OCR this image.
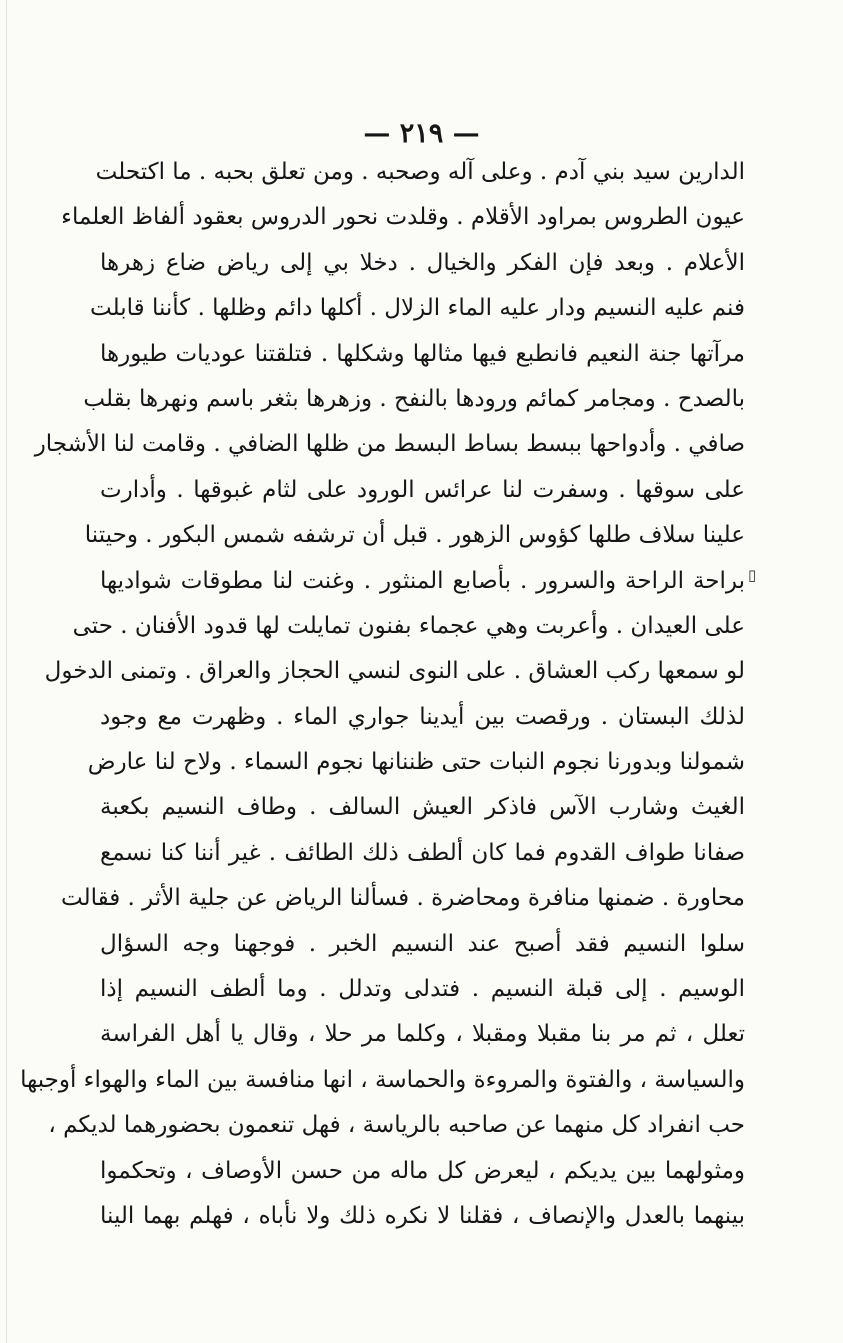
— ٢١٩ —
▯
الدارين سيد بني آدم . وعلى آله وصحبه . ومن تعلق بحبه . ما اكتحلت
عيون الطروس بمراود الأقلام . وقلدت نحور الدروس بعقود ألفاظ العلماء
الأعلام . وبعد فإن الفكر والخيال . دخلا بي إلى رياض ضاع زهرها
فنم عليه النسيم ودار عليه الماء الزلال . أكلها دائم وظلها . كأننا قابلت
مرآتها جنة النعيم فانطبع فيها مثالها وشكلها . فتلقتنا عوديات طيورها
بالصدح . ومجامر كمائم ورودها بالنفح . وزهرها بثغر باسم ونهرها بقلب
صافي . وأدواحها ببسط بساط البسط من ظلها الضافي . وقامت لنا الأشجار
على سوقها . وسفرت لنا عرائس الورود على لثام غبوقها . وأدارت
علينا سلاف طلها كؤوس الزهور . قبل أن ترشفه شمس البكور . وحيتنا
براحة الراحة والسرور . بأصابع المنثور . وغنت لنا مطوقات شواديها
على العيدان . وأعربت وهي عجماء بفنون تمايلت لها قدود الأفنان . حتى
لو سمعها ركب العشاق . على النوى لنسي الحجاز والعراق . وتمنى الدخول
لذلك البستان . ورقصت بين أيدينا جواري الماء . وظهرت مع وجود
شمولنا وبدورنا نجوم النبات حتى ظننانها نجوم السماء . ولاح لنا عارض
الغيث وشارب الآس فاذكر العيش السالف . وطاف النسيم بكعبة
صفانا طواف القدوم فما كان ألطف ذلك الطائف . غير أننا كنا نسمع
محاورة . ضمنها منافرة ومحاضرة . فسألنا الرياض عن جلية الأثر . فقالت
سلوا النسيم فقد أصبح عند النسيم الخبر . فوجهنا وجه السؤال
الوسيم . إلى قبلة النسيم . فتدلى وتدلل . وما ألطف النسيم إذا
تعلل ، ثم مر بنا مقبلا ومقبلا ، وكلما مر حلا ، وقال يا أهل الفراسة
والسياسة ، والفتوة والمروءة والحماسة ، انها منافسة بين الماء والهواء أوجبها
حب انفراد كل منهما عن صاحبه بالرياسة ، فهل تنعمون بحضورهما لديكم ،
ومثولهما بين يديكم ، ليعرض كل ماله من حسن الأوصاف ، وتحكموا
بينهما بالعدل والإنصاف ، فقلنا لا نكره ذلك ولا نأباه ، فهلم بهما الينا
